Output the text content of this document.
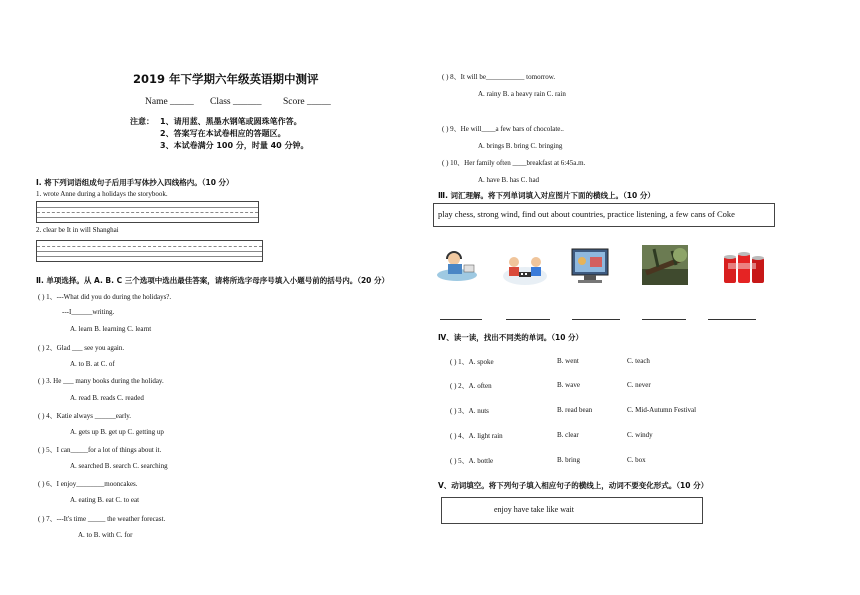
2019 年下学期六年级英语期中测评
Name _____ Class ______ Score _____
注意： 1、请用蓝、黑墨水钢笔或圆珠笔作答。
2、答案写在本试卷相应的答题区。
3、本试卷满分 100 分，时量 40 分钟。
Ⅰ. 将下列词语组成句子后用手写体抄入四线格内。（10 分）
1. wrote Anne during a holidays the storybook.
2. clear be It in will Shanghai
Ⅱ. 单项选择。从 A. B. C 三个选项中选出最佳答案，请将所选字母序号填入小题号前的括号内。（20 分）
( ) 1、---What did you do during the holidays?.
---I______writing.
A. learn B. learning C. learnt
( ) 2、Glad ___ see you again.
A. to B. at C. of
( ) 3. He ___ many books during the holiday.
A. read B. reads C. readed
( ) 4、Katie always ______early.
A. gets up B. get up C. getting up
( ) 5、I can_____for a lot of things about it.
A. searched B. search C. searching
( ) 6、I enjoy________mooncakes.
A. eating B. eat C. to eat
( ) 7、---It's time _____ the weather forecast.
A. to B. with C. for
( ) 8、It will be___________ tomorrow.
A. rainy B. a heavy rain C. rain
( ) 9、He will____a few bars of chocolate..
A. brings B. bring C. bringing
( ) 10、Her family often ____breakfast at 6:45a.m.
A. have B. has C. had
Ⅲ. 词汇理解。将下列单词填入对应图片下面的横线上。（10 分）
play chess, strong wind, find out about countries, practice listening, a few cans of Coke
Ⅳ、读一读，找出不同类的单词。（10 分）
( ) 1、A. spoke	B. went	C. teach
( ) 2、A. often	B. wave	C. never
( ) 3、A. nuts	B. read bean	C. Mid-Autumn Festival
( ) 4、A. light rain	B. clear	C. windy
( ) 5、A. bottle	B. bring	C. box
Ⅴ、动词填空。将下列句子填入相应句子的横线上，动词不要变化形式。（10 分）
enjoy have take like wait
